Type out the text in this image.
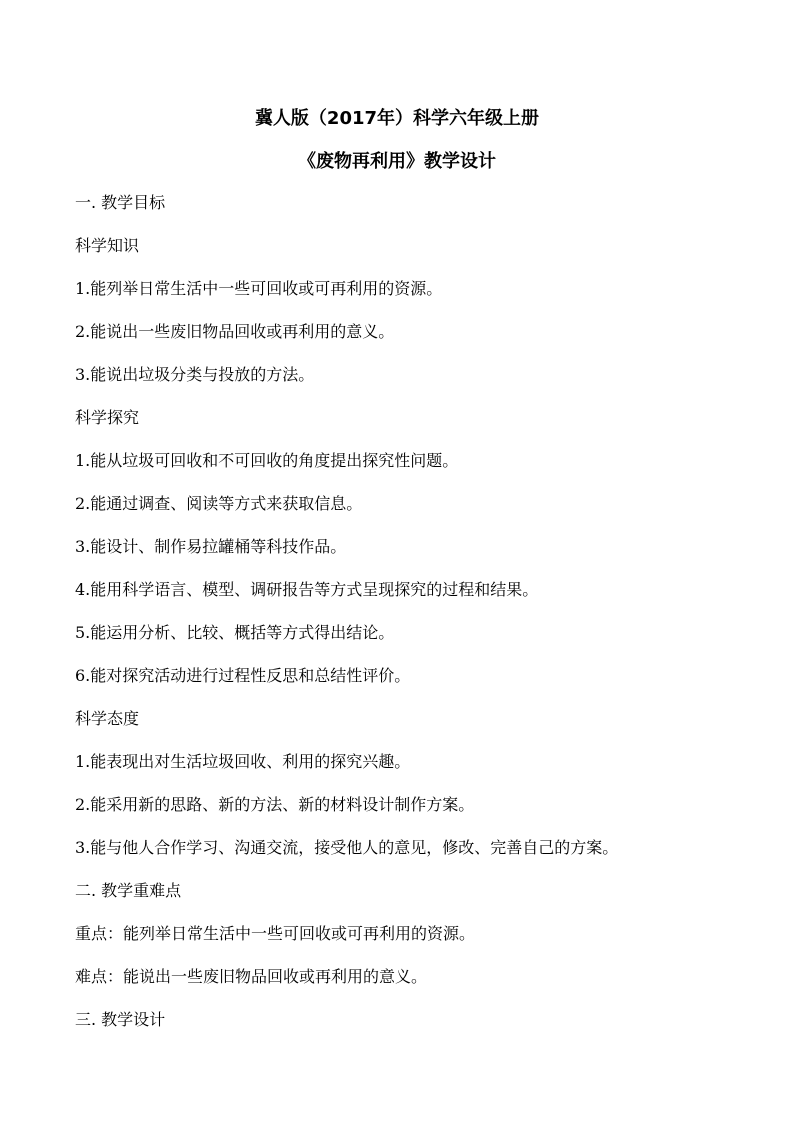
冀人版（2017年）科学六年级上册
《废物再利用》教学设计
一. 教学目标
科学知识
1.能列举日常生活中一些可回收或可再利用的资源。
2.能说出一些废旧物品回收或再利用的意义。
3.能说出垃圾分类与投放的方法。
科学探究
1.能从垃圾可回收和不可回收的角度提出探究性问题。
2.能通过调查、阅读等方式来获取信息。
3.能设计、制作易拉罐桶等科技作品。
4.能用科学语言、模型、调研报告等方式呈现探究的过程和结果。
5.能运用分析、比较、概括等方式得出结论。
6.能对探究活动进行过程性反思和总结性评价。
科学态度
1.能表现出对生活垃圾回收、利用的探究兴趣。
2.能采用新的思路、新的方法、新的材料设计制作方案。
3.能与他人合作学习、沟通交流，接受他人的意见，修改、完善自己的方案。
二. 教学重难点
重点：能列举日常生活中一些可回收或可再利用的资源。
难点：能说出一些废旧物品回收或再利用的意义。
三. 教学设计
